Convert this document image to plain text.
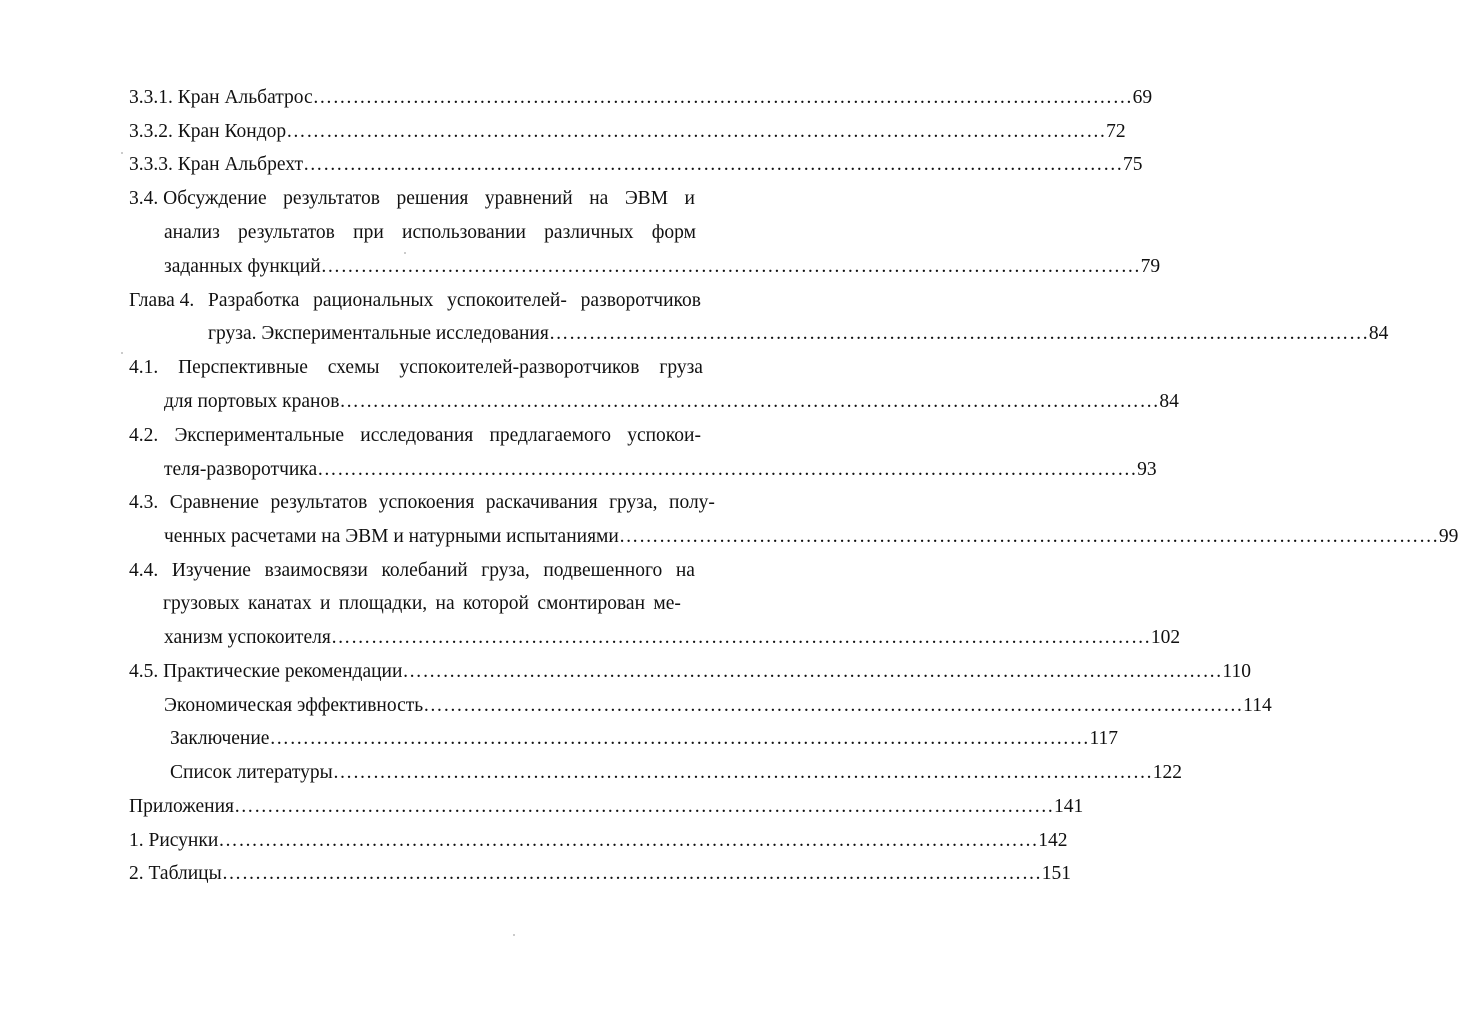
3.3.1. Кран Альбатрос …………………………………………………………………………………………………………… 69
3.3.2. Кран Кондор …………………………………………………………………………………………………………… 72
3.3.3. Кран Альбрехт …………………………………………………………………………………………………………… 75
3.4. Обсуждение результатов решения уравнений на ЭВМ и
анализ результатов при использовании различных форм
заданных функций …………………………………………………………………………………………………………… 79
Глава 4. Разработка рациональных успокоителей- разворотчиков
груза. Экспериментальные исследования …………………………………………………………………………………………………………… 84
4.1. Перспективные схемы успокоителей-разворотчиков груза
для портовых кранов …………………………………………………………………………………………………………… 84
4.2. Экспериментальные исследования предлагаемого успокои-
теля-разворотчика …………………………………………………………………………………………………………… 93
4.3. Сравнение результатов успокоения раскачивания груза, полу-
ченных расчетами на ЭВМ и натурными испытаниями …………………………………………………………………………………………………………… 99
4.4. Изучение взаимосвязи колебаний груза, подвешенного на
грузовых канатах и площадки, на которой смонтирован ме-
ханизм успокоителя …………………………………………………………………………………………………………… 102
4.5. Практические рекомендации …………………………………………………………………………………………………………… 110
Экономическая эффективность …………………………………………………………………………………………………………… 114
Заключение …………………………………………………………………………………………………………… 117
Список литературы …………………………………………………………………………………………………………… 122
Приложения …………………………………………………………………………………………………………… 141
1. Рисунки …………………………………………………………………………………………………………… 142
2. Таблицы …………………………………………………………………………………………………………… 151
